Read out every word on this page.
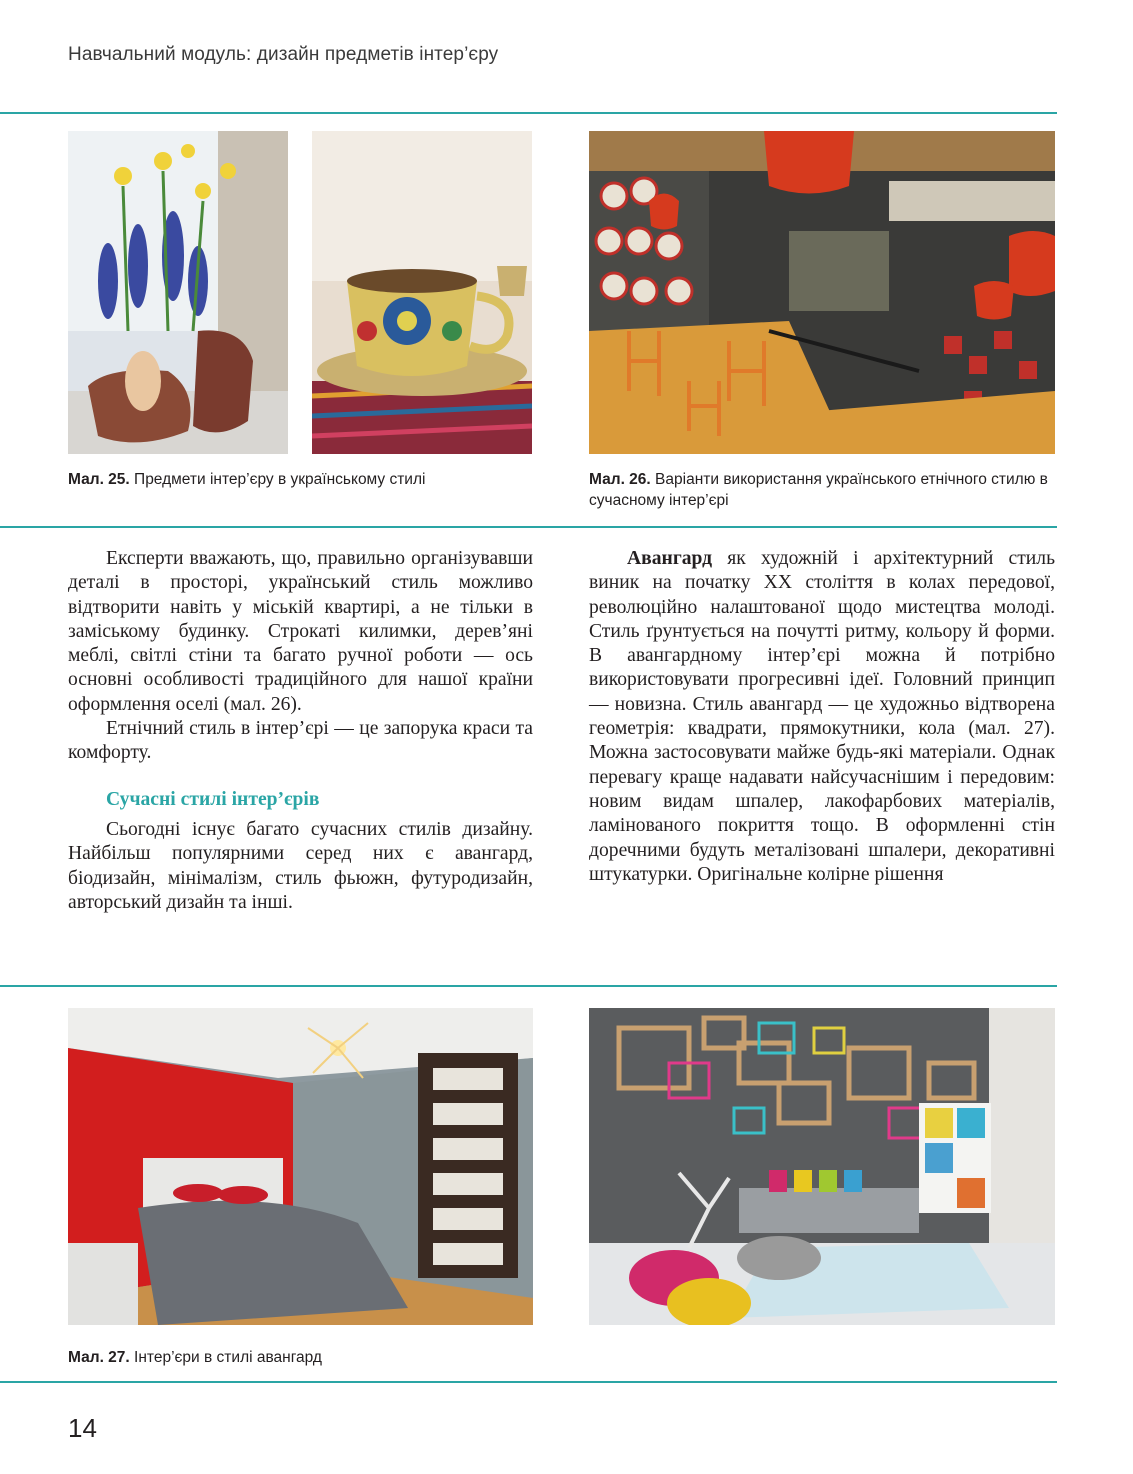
Навчальний модуль: дизайн предметів інтер’єру
Мал. 25. Предмети інтер’єру в українському стилі	Мал. 26. Варіанти використання українського етнічного стилю в сучасному інтер’єрі

Експерти вважають, що, правильно організувавши деталі в просторі, український стиль можливо відтворити навіть у міській квартирі, а не тільки в заміському будинку. Строкаті килимки, дерев’яні меблі, світлі стіни та багато ручної роботи — ось основні особливості традиційного для нашої країни оформлення оселі (мал. 26).

Етнічний стиль в інтер’єрі — це запорука краси та комфорту.

Сучасні стилі інтер’єрів

Сьогодні існує багато сучасних стилів дизайну. Найбільш популярними серед них є авангард, біодизайн, мінімалізм, стиль фьюжн, футуродизайн, авторський дизайн та інші.

Авангард як художній і архітектурний стиль виник на початку ХХ століття в колах передової, революційно налаштованої щодо мистецтва молоді. Стиль ґрунтується на почутті ритму, кольору й форми. В авангардному інтер’єрі можна й потрібно використовувати прогресивні ідеї. Головний принцип — новизна. Стиль авангард — це художньо відтворена геометрія: квадрати, прямокутники, кола (мал. 27). Можна застосовувати майже будь-які матеріали. Однак перевагу краще надавати найсучаснішим і передовим: новим видам шпалер, лакофарбових матеріалів, ламінованого покриття тощо. В оформленні стін доречними будуть металізовані шпалери, декоративні штукатурки. Оригінальне колірне рішення

Мал. 27. Інтер’єри в стилі авангард
14
